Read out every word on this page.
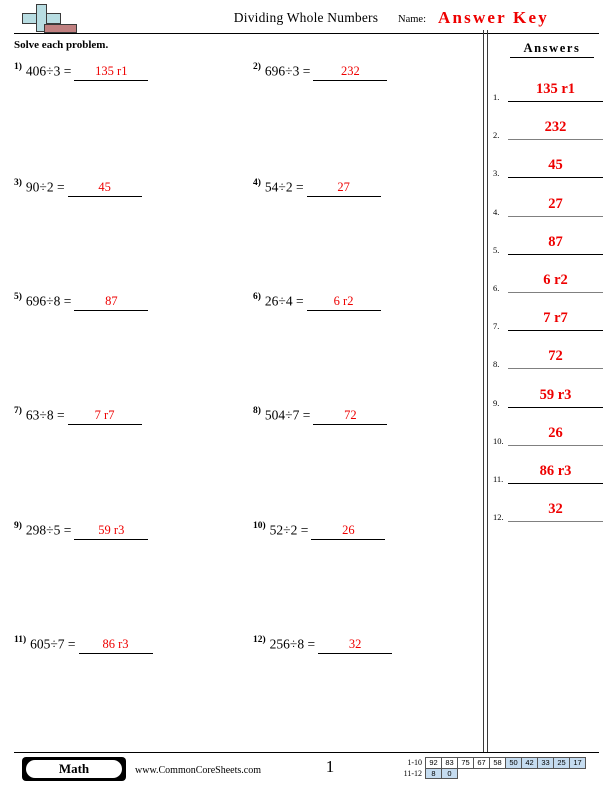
Dividing Whole Numbers	Name: Answer Key
Solve each problem.
$^{1)}$ 406÷3 = 135 r1	$^{2)}$ 696÷3 = 232
$^{3)}$ 90÷2 =	45	$^{4)}$ 54÷2 =	27
$^{5)}$ 696÷8 =	87	$^{6)}$ 26÷4 = 6 r2
$^{7)}$ 63÷8 = 7 r7	$^{8)}$ 504÷7 =	72
$^{9)}$ 298÷5 = 59 r3	$^{10)}$ 52÷2 =	26
$^{11)}$ 605÷7 = 86 r3	$^{12)}$ 256÷8 =	32
Answers
1.	135 r1
2.	232
3.	45
4.	27
5.	87
6.	6 r2
7.	7 r7
8.	72
9.	59 r3
10.	26
11.	86 r3
12.	32
Math	www.CommonCoreSheets.com	1	1-10	92	83	75	67	58	50	42	33	25	17
11-12	8	0								
